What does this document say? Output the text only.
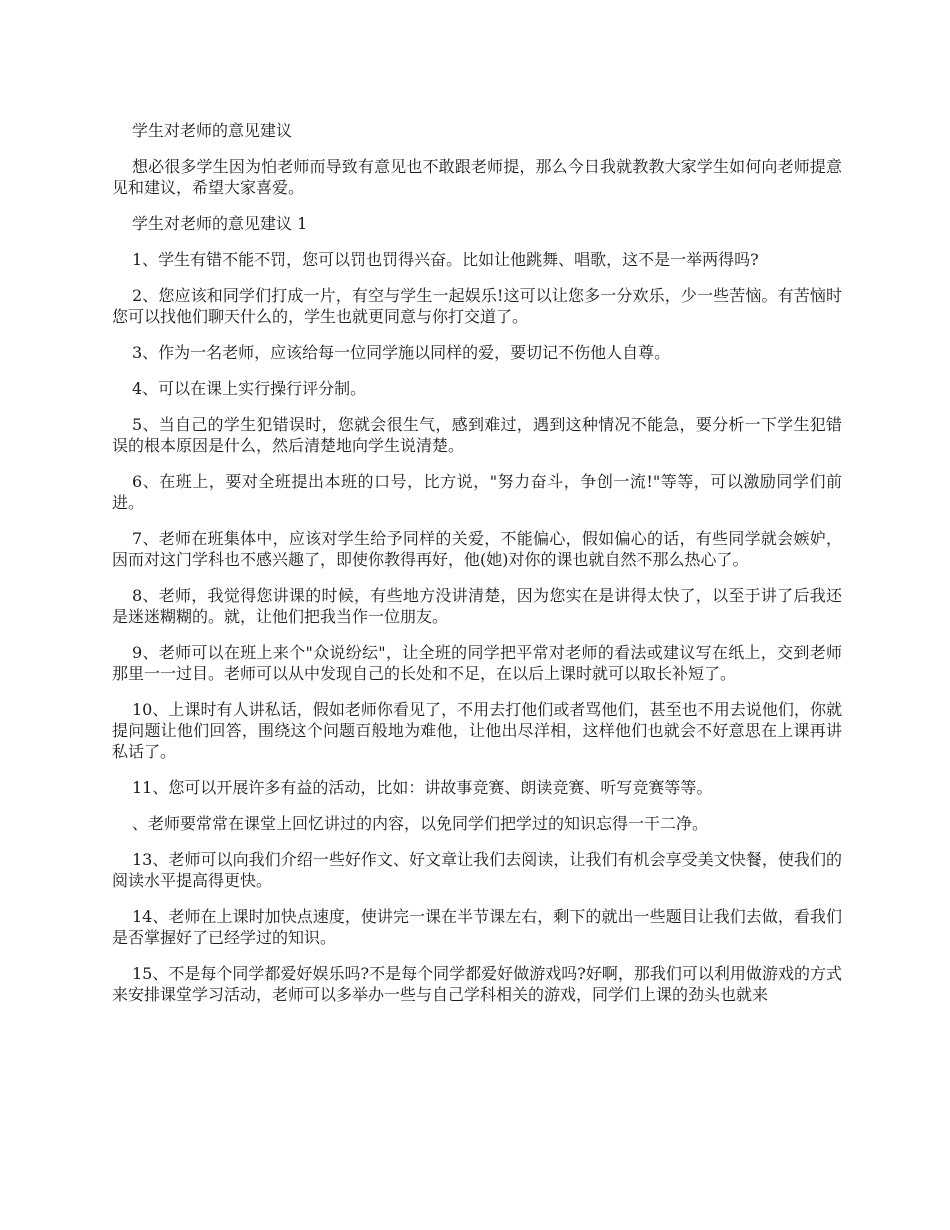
学生对老师的意见建议

想必很多学生因为怕老师而导致有意见也不敢跟老师提，那么今日我就教教大家学生如何向老师提意见和建议，希望大家喜爱。

学生对老师的意见建议 1

1、学生有错不能不罚，您可以罚也罚得兴奋。比如让他跳舞、唱歌，这不是一举两得吗?

2、您应该和同学们打成一片，有空与学生一起娱乐!这可以让您多一分欢乐，少一些苦恼。有苦恼时您可以找他们聊天什么的，学生也就更同意与你打交道了。

3、作为一名老师，应该给每一位同学施以同样的爱，要切记不伤他人自尊。

4、可以在课上实行操行评分制。

5、当自己的学生犯错误时，您就会很生气，感到难过，遇到这种情况不能急，要分析一下学生犯错误的根本原因是什么，然后清楚地向学生说清楚。

6、在班上，要对全班提出本班的口号，比方说，"努力奋斗，争创一流!"等等，可以激励同学们前进。

7、老师在班集体中，应该对学生给予同样的关爱，不能偏心，假如偏心的话，有些同学就会嫉妒，因而对这门学科也不感兴趣了，即使你教得再好，他(她)对你的课也就自然不那么热心了。

8、老师，我觉得您讲课的时候，有些地方没讲清楚，因为您实在是讲得太快了，以至于讲了后我还是迷迷糊糊的。就，让他们把我当作一位朋友。

9、老师可以在班上来个"众说纷纭"，让全班的同学把平常对老师的看法或建议写在纸上，交到老师那里一一过目。老师可以从中发现自己的长处和不足，在以后上课时就可以取长补短了。

10、上课时有人讲私话，假如老师你看见了，不用去打他们或者骂他们，甚至也不用去说他们，你就提问题让他们回答，围绕这个问题百般地为难他，让他出尽洋相，这样他们也就会不好意思在上课再讲私话了。

11、您可以开展许多有益的活动，比如：讲故事竞赛、朗读竞赛、听写竞赛等等。

、老师要常常在课堂上回忆讲过的内容，以免同学们把学过的知识忘得一干二净。

13、老师可以向我们介绍一些好作文、好文章让我们去阅读，让我们有机会享受美文快餐，使我们的阅读水平提高得更快。

14、老师在上课时加快点速度，使讲完一课在半节课左右，剩下的就出一些题目让我们去做，看我们是否掌握好了已经学过的知识。

15、不是每个同学都爱好娱乐吗?不是每个同学都爱好做游戏吗?好啊，那我们可以利用做游戏的方式来安排课堂学习活动，老师可以多举办一些与自己学科相关的游戏，同学们上课的劲头也就来
